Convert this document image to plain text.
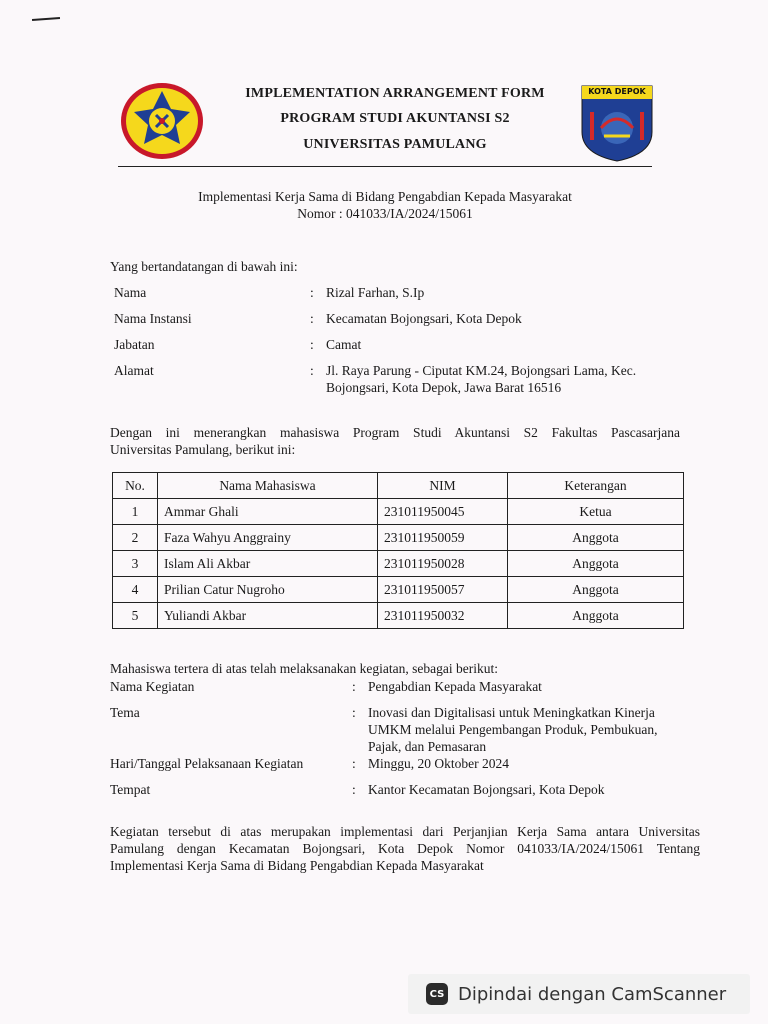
IMPLEMENTATION ARRANGEMENT FORM
PROGRAM STUDI AKUNTANSI S2
UNIVERSITAS PAMULANG
KOTA DEPOK
Implementasi Kerja Sama di Bidang Pengabdian Kepada Masyarakat
Nomor : 041033/IA/2024/15061
Yang bertandatangan di bawah ini:
Nama	: Rizal Farhan, S.Ip
Nama Instansi	: Kecamatan Bojongsari, Kota Depok
Jabatan	: Camat
Alamat	: Jl. Raya Parung - Ciputat KM.24, Bojongsari Lama, Kec.
Bojongsari, Kota Depok, Jawa Barat 16516
Dengan ini menerangkan mahasiswa Program Studi Akuntansi S2 Fakultas Pascasarjana
Universitas Pamulang, berikut ini:
No.	Nama Mahasiswa	NIM	Keterangan
1	Ammar Ghali	231011950045	Ketua
2	Faza Wahyu Anggrainy	231011950059	Anggota
3	Islam Ali Akbar	231011950028	Anggota
4	Prilian Catur Nugroho	231011950057	Anggota
5	Yuliandi Akbar	231011950032	Anggota
Mahasiswa tertera di atas telah melaksanakan kegiatan, sebagai berikut:
Nama Kegiatan	: Pengabdian Kepada Masyarakat
Tema	: Inovasi dan Digitalisasi untuk Meningkatkan Kinerja
UMKM melalui Pengembangan Produk, Pembukuan,
Pajak, dan Pemasaran
Hari/Tanggal Pelaksanaan Kegiatan	: Minggu, 20 Oktober 2024
Tempat	: Kantor Kecamatan Bojongsari, Kota Depok
Kegiatan tersebut di atas merupakan implementasi dari Perjanjian Kerja Sama antara Universitas
Pamulang dengan Kecamatan Bojongsari, Kota Depok Nomor 041033/IA/2024/15061 Tentang
Implementasi Kerja Sama di Bidang Pengabdian Kepada Masyarakat
CS Dipindai dengan CamScanner
